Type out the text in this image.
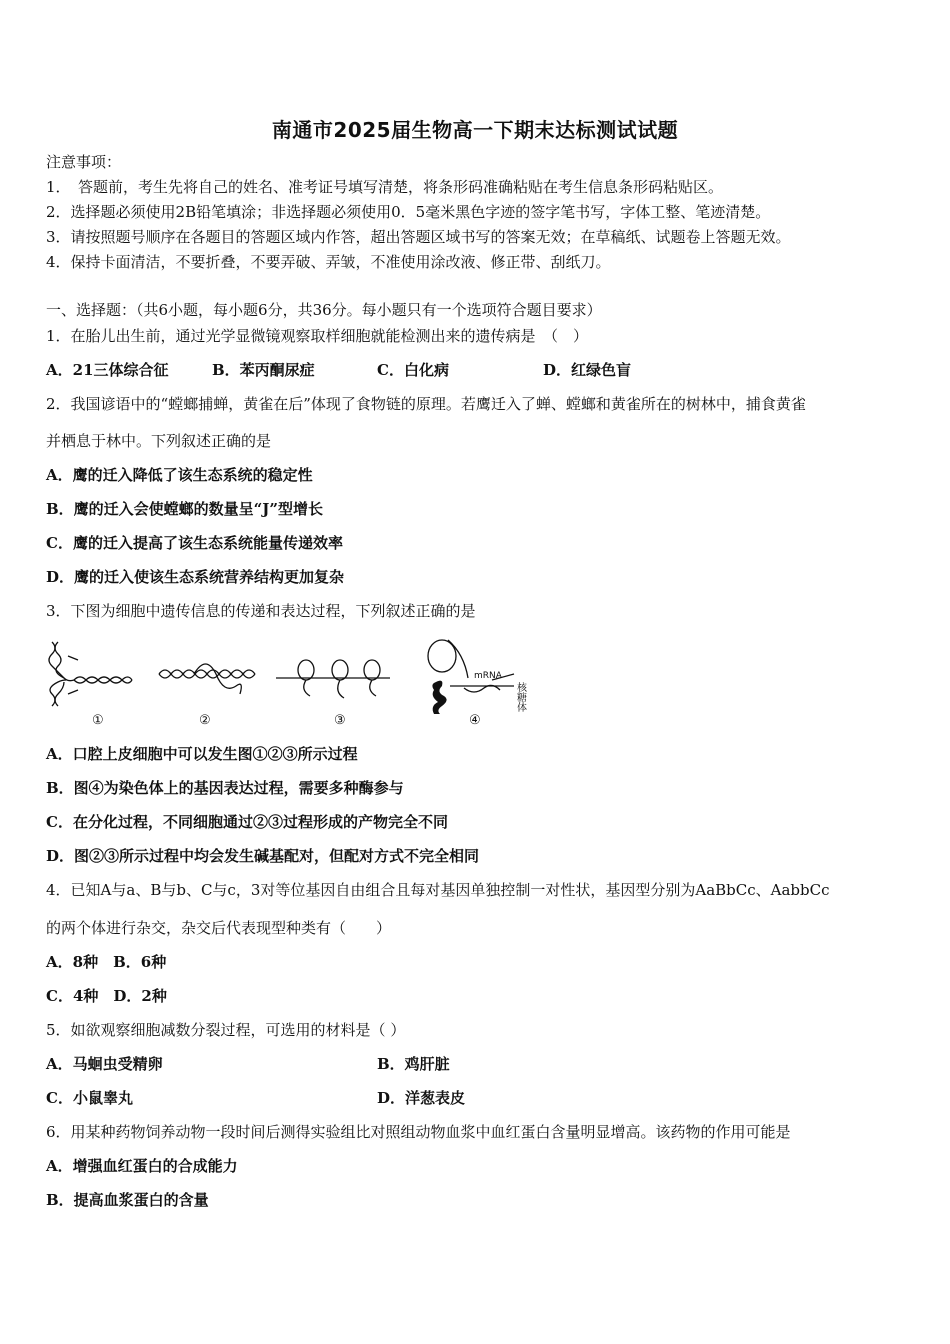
南通市2025届生物高一下期末达标测试试题
注意事项：
1．　答题前，考生先将自己的姓名、准考证号填写清楚，将条形码准确粘贴在考生信息条形码粘贴区。
2．选择题必须使用2B铅笔填涂；非选择题必须使用0．5毫米黑色字迹的签字笔书写，字体工整、笔迹清楚。
3．请按照题号顺序在各题目的答题区域内作答，超出答题区域书写的答案无效；在草稿纸、试题卷上答题无效。
4．保持卡面清洁，不要折叠，不要弄破、弄皱，不准使用涂改液、修正带、刮纸刀。
一、选择题：（共6小题，每小题6分，共36分。每小题只有一个选项符合题目要求）
1．在胎儿出生前，通过光学显微镜观察取样细胞就能检测出来的遗传病是　（　）
A．21三体综合征	B．苯丙酮尿症	C．白化病	D．红绿色盲
2．我国谚语中的“螳螂捕蝉，黄雀在后”体现了食物链的原理。若鹰迁入了蝉、螳螂和黄雀所在的树林中，捕食黄雀
并栖息于林中。下列叙述正确的是
A．鹰的迁入降低了该生态系统的稳定性
B．鹰的迁入会使螳螂的数量呈“J”型增长
C．鹰的迁入提高了该生态系统能量传递效率
D．鹰的迁入使该生态系统营养结构更加复杂
3．下图为细胞中遗传信息的传递和表达过程，下列叙述正确的是
①	②	③	④
mRNA
核糖体
A．口腔上皮细胞中可以发生图①②③所示过程
B．图④为染色体上的基因表达过程，需要多种酶参与
C．在分化过程，不同细胞通过②③过程形成的产物完全不同
D．图②③所示过程中均会发生碱基配对，但配对方式不完全相同
4．已知A与a、B与b、C与c，3对等位基因自由组合且每对基因单独控制一对性状，基因型分别为AaBbCc、AabbCc
的两个体进行杂交，杂交后代表现型种类有（　　）
A．8种　B．6种
C．4种　D．2种
5．如欲观察细胞减数分裂过程，可选用的材料是（ ）
A．马蛔虫受精卵	B．鸡肝脏
C．小鼠睾丸	D．洋葱表皮
6．用某种药物饲养动物一段时间后测得实验组比对照组动物血浆中血红蛋白含量明显增高。该药物的作用可能是
A．增强血红蛋白的合成能力
B．提高血浆蛋白的含量
